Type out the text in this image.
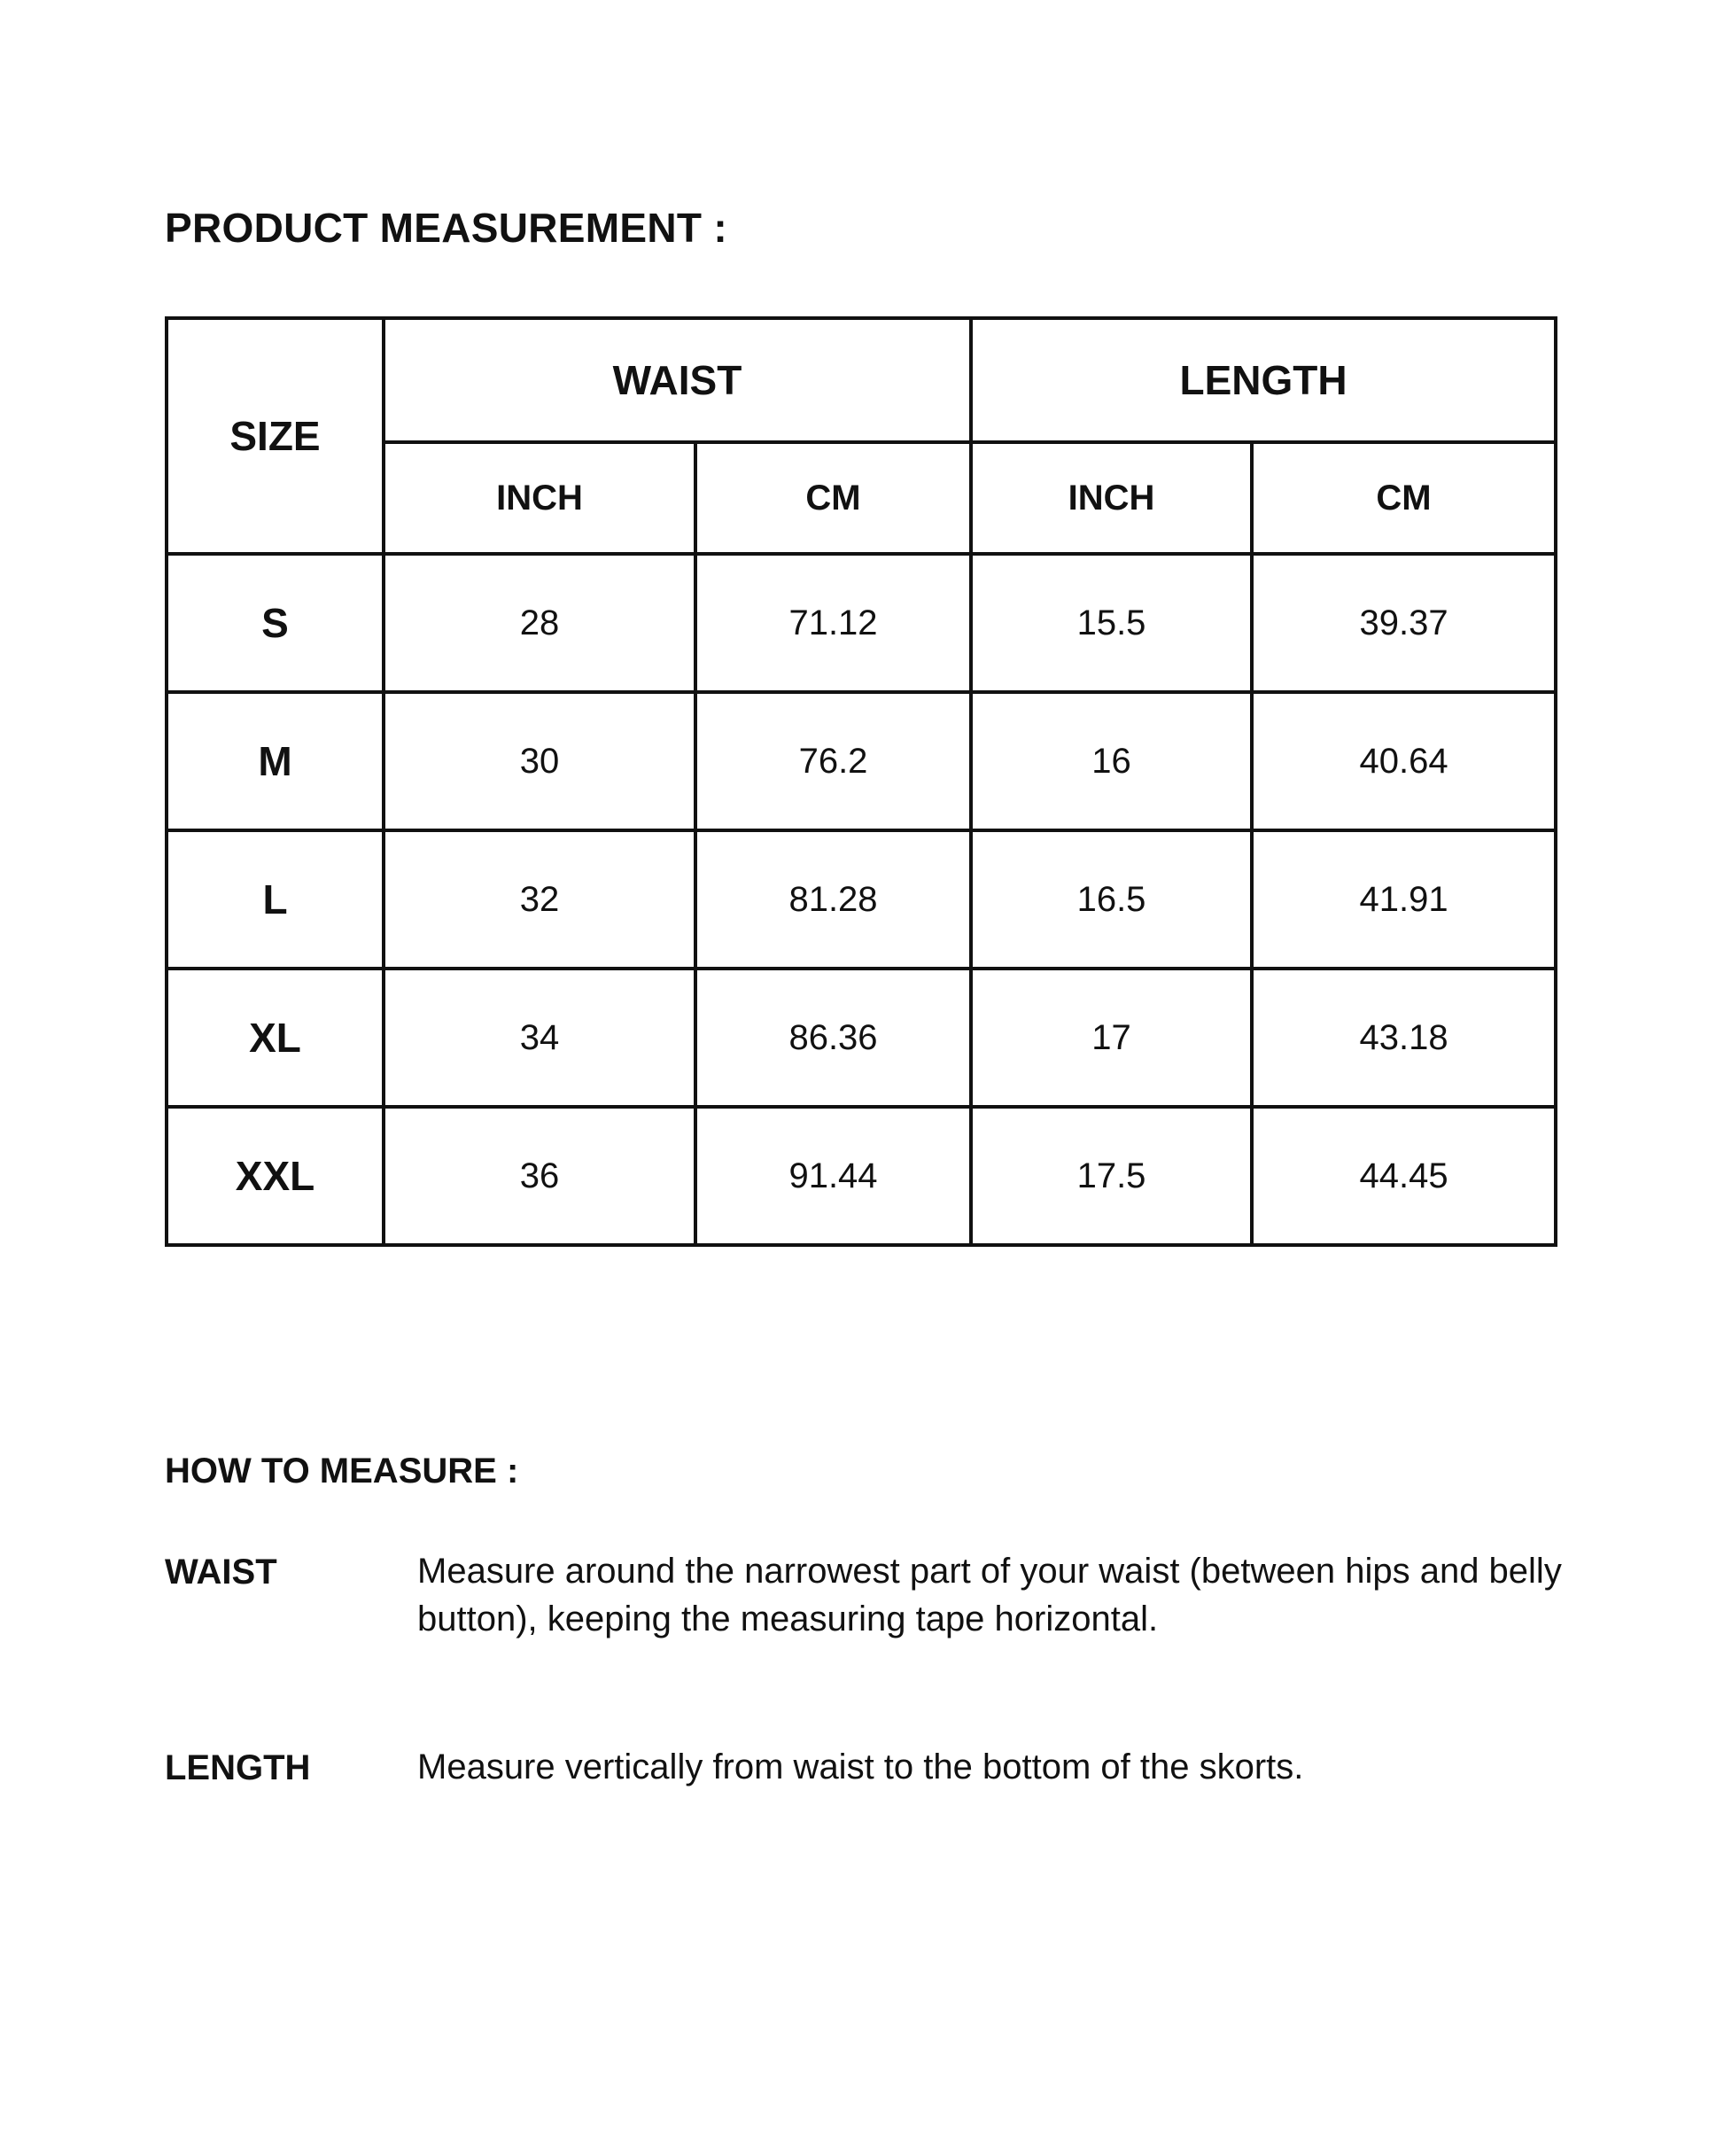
PRODUCT MEASUREMENT :
SIZE	WAIST		LENGTH	
	INCH	CM	INCH	CM
S	28	71.12	15.5	39.37
M	30	76.2	16	40.64
L	32	81.28	16.5	41.91
XL	34	86.36	17	43.18
XXL	36	91.44	17.5	44.45
HOW TO MEASURE :
WAIST	Measure around the narrowest part of your waist (between hips and belly button), keeping the measuring tape horizontal.
LENGTH	Measure vertically from waist to the bottom of the skorts.
